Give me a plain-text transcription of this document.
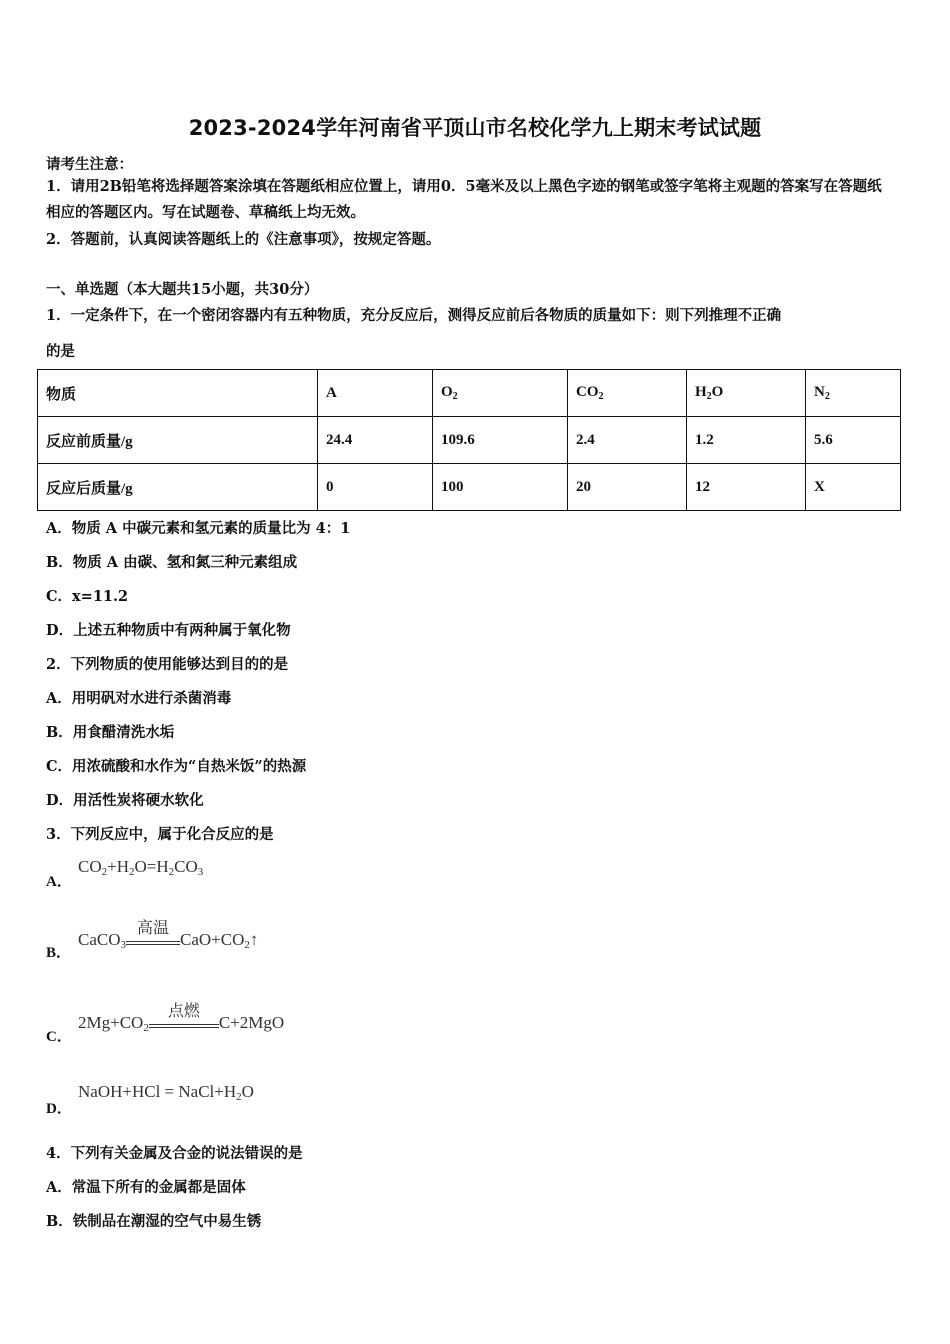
2023-2024学年河南省平顶山市名校化学九上期末考试试题
请考生注意：
1．请用2B铅笔将选择题答案涂填在答题纸相应位置上，请用0．5毫米及以上黑色字迹的钢笔或签字笔将主观题的答案写在答题纸相应的答题区内。写在试题卷、草稿纸上均无效。
2．答题前，认真阅读答题纸上的《注意事项》，按规定答题。
一、单选题（本大题共15小题，共30分）
1．一定条件下，在一个密闭容器内有五种物质，充分反应后，测得反应前后各物质的质量如下：则下列推理不正确
的是
物质	A	$O_2$	$CO_2$	$H_2O$	$N_2$
反应前质量/g	24.4	109.6	2.4	1.2	5.6
反应后质量/g	0	100	20	12	X
A．物质 A 中碳元素和氢元素的质量比为 4：1
B．物质 A 由碳、氢和氮三种元素组成
C．x=11.2
D．上述五种物质中有两种属于氧化物
2．下列物质的使用能够达到目的的是
A．用明矾对水进行杀菌消毒
B．用食醋清洗水垢
C．用浓硫酸和水作为“自热米饭”的热源
D．用活性炭将硬水软化
3．下列反应中，属于化合反应的是
A．
$CO_2+H_2O=H_2CO_3$
B．
CaCO$_3$
高温
$CaO+CO_2↑$
C．
$2Mg+CO_2$
点燃
C+2MgO
D．
NaOH+HCl = $NaCl+H_2O$
4．下列有关金属及合金的说法错误的是
A．常温下所有的金属都是固体
B．铁制品在潮湿的空气中易生锈
